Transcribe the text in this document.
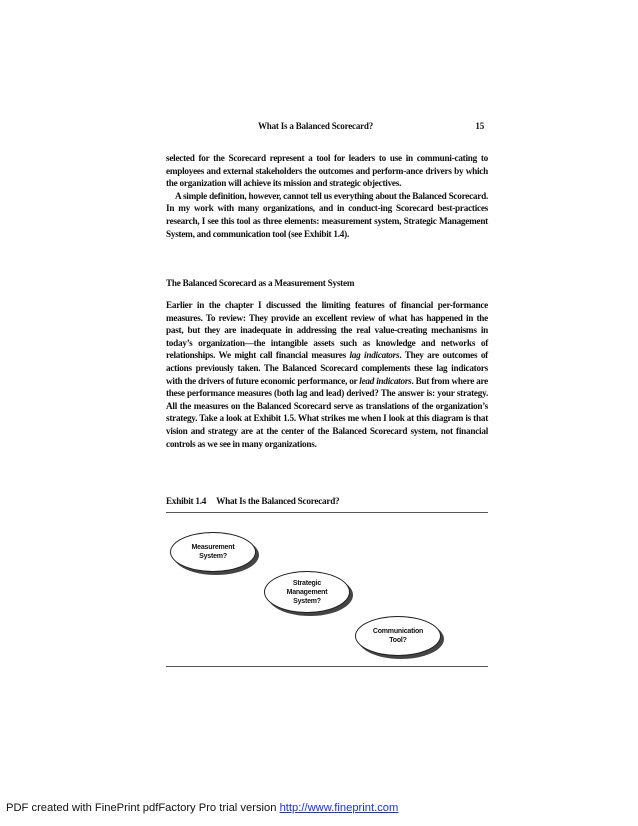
What Is a Balanced Scorecard?	15

selected for the Scorecard represent a tool for leaders to use in communi-cating to employees and external stakeholders the outcomes and perform-ance drivers by which the organization will achieve its mission and strategic objectives.

A simple definition, however, cannot tell us everything about the Balanced Scorecard. In my work with many organizations, and in conduct-ing Scorecard best-practices research, I see this tool as three elements: measurement system, Strategic Management System, and communication tool (see Exhibit 1.4).

The Balanced Scorecard as a Measurement System

Earlier in the chapter I discussed the limiting features of financial per-formance measures. To review: They provide an excellent review of what has happened in the past, but they are inadequate in addressing the real value-creating mechanisms in today’s organization—the intangible assets such as knowledge and networks of relationships. We might call financial measures lag indicators. They are outcomes of actions previously taken. The Balanced Scorecard complements these lag indicators with the drivers of future economic performance, or lead indicators. But from where are these performance measures (both lag and lead) derived? The answer is: your strategy. All the measures on the Balanced Scorecard serve as translations of the organization’s strategy. Take a look at Exhibit 1.5. What strikes me when I look at this diagram is that vision and strategy are at the center of the Balanced Scorecard system, not financial controls as we see in many organizations.

Exhibit 1.4 What Is the Balanced Scorecard?
Measurement
System?
Strategic
Management
System?
Communication
Tool?
PDF created with FinePrint pdfFactory Pro trial version http://www.fineprint.com
